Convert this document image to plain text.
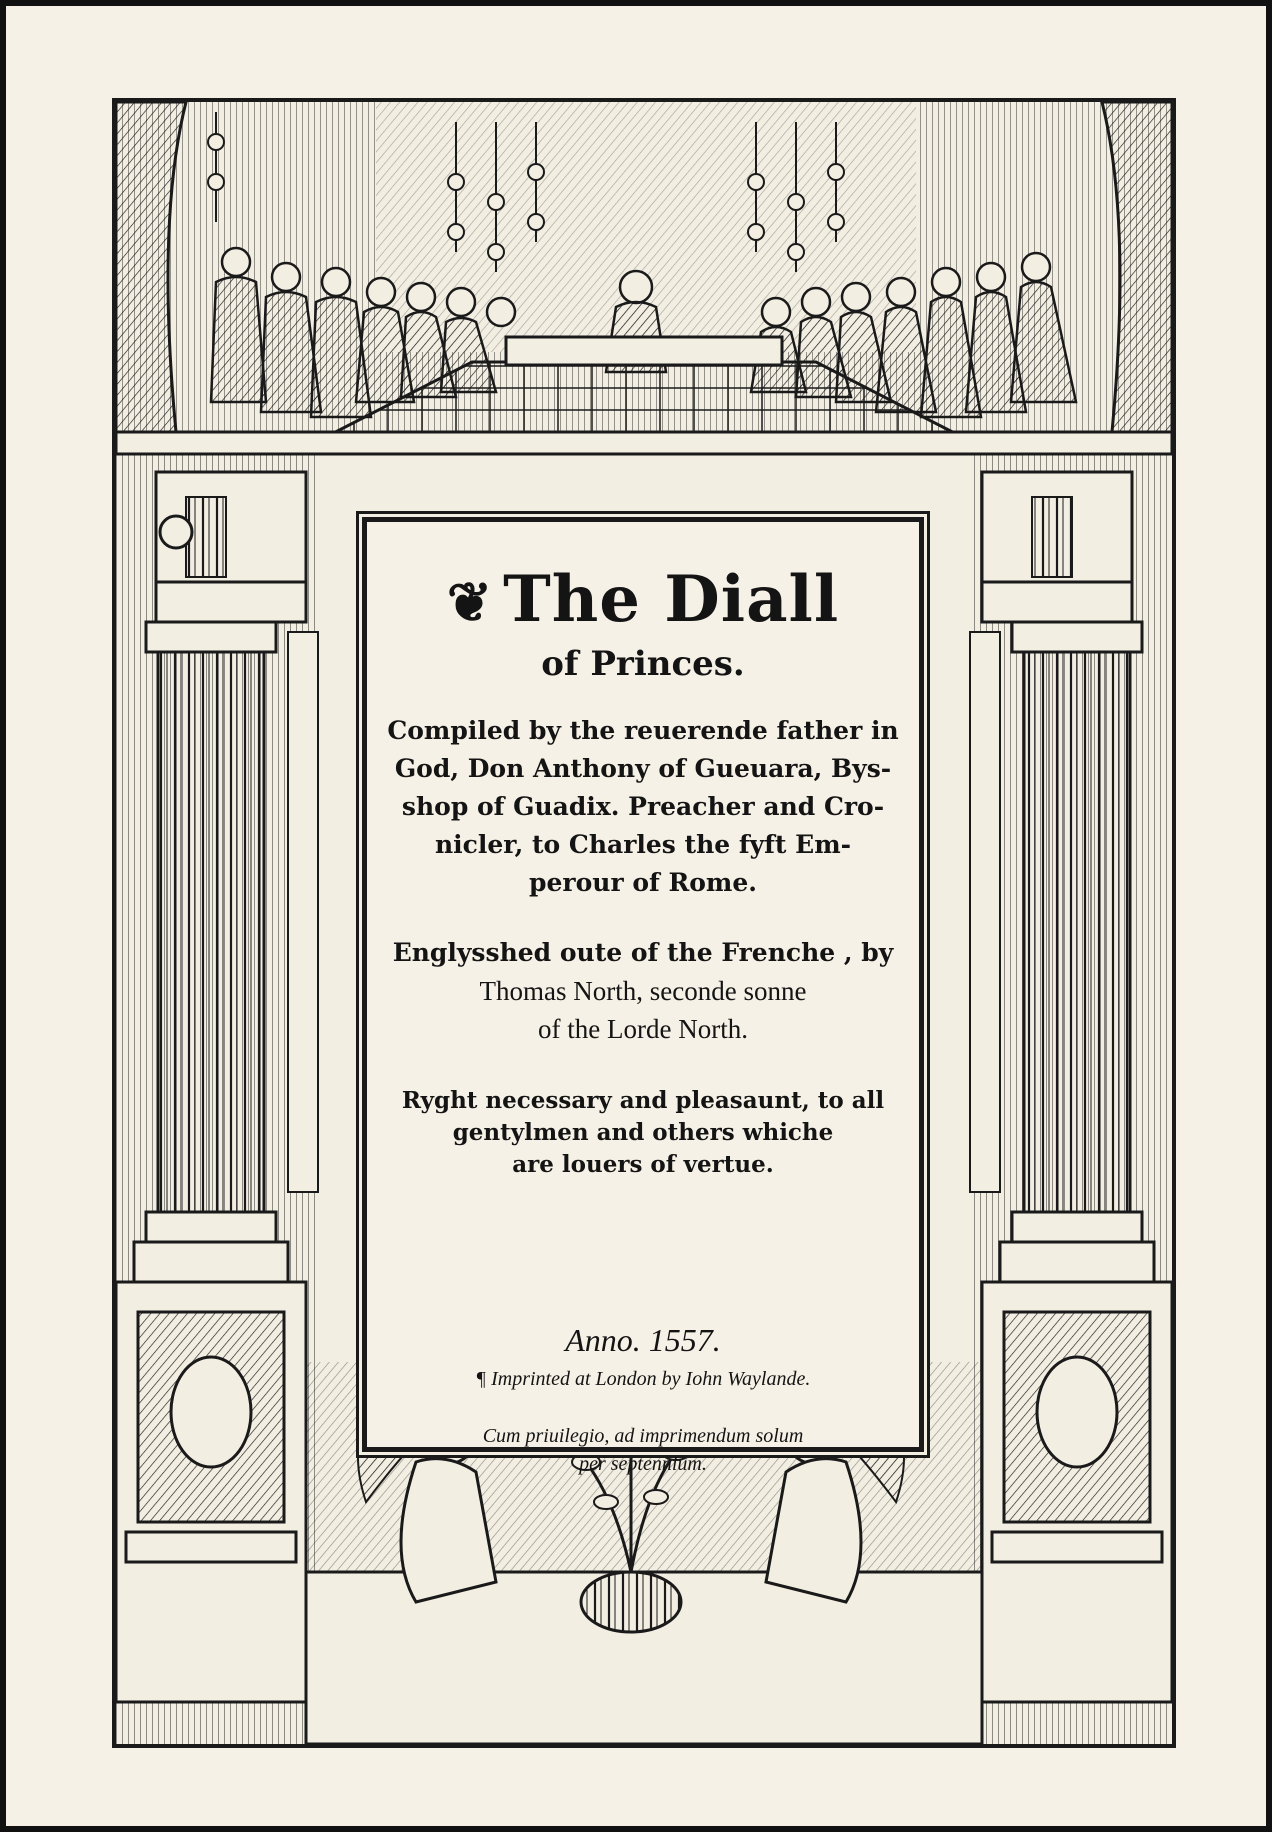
❦ The Diall
of Princes.
Compiled by the reuerende father in
God, Don Anthony of Gueuara, Bys-
shop of Guadix. Preacher and Cro-
nicler, to Charles the fyft Em-
perour of Rome.
Englysshed oute of the Frenche , by
Thomas North, seconde sonne
of the Lorde North.
Ryght necessary and pleasaunt, to all
gentylmen and others whiche
are louers of vertue.
Anno. 1557.
¶ Imprinted at London by Iohn Waylande.
Cum priuilegio, ad imprimendum solum
per septennium.
